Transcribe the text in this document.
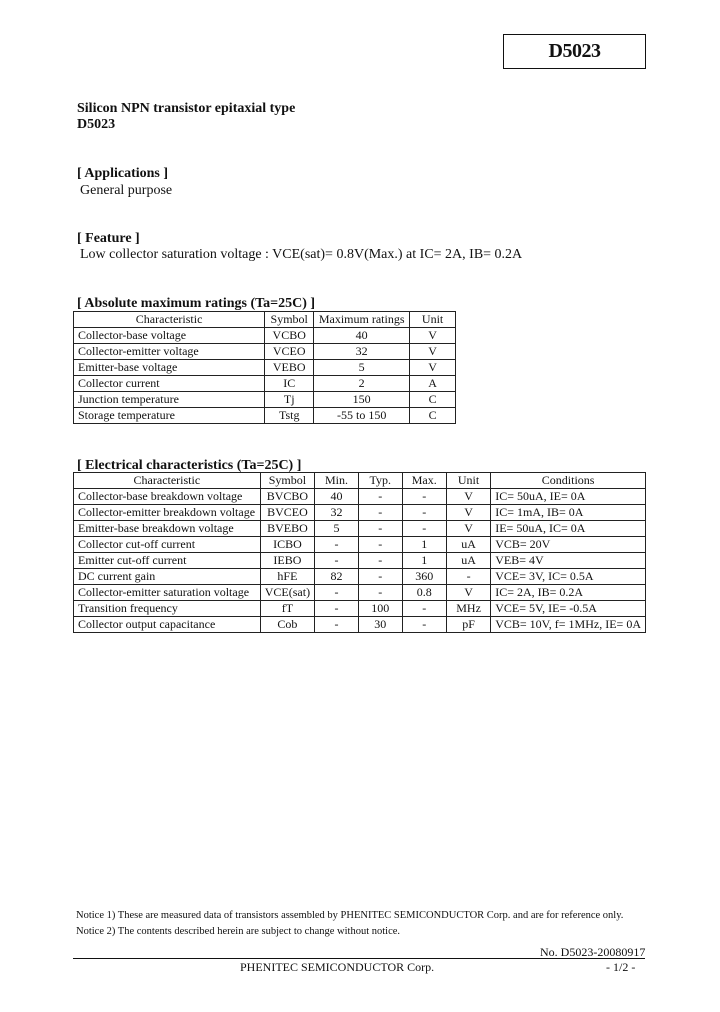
D5023
Silicon NPN transistor epitaxial type
D5023
[ Applications ]
General purpose
[ Feature ]
Low collector saturation voltage : VCE(sat)= 0.8V(Max.) at IC= 2A, IB= 0.2A
[ Absolute maximum ratings (Ta=25C) ]
Characteristic	Symbol	Maximum ratings	Unit
Collector-base voltage	VCBO	40	V
Collector-emitter voltage	VCEO	32	V
Emitter-base voltage	VEBO	5	V
Collector current	IC	2	A
Junction temperature	Tj	150	C
Storage temperature	Tstg	-55 to 150	C
[ Electrical characteristics (Ta=25C) ]
Characteristic	Symbol	Min.	Typ.	Max.	Unit	Conditions
Collector-base breakdown voltage	BVCBO	40	-	-	V	IC= 50uA, IE= 0A
Collector-emitter breakdown voltage	BVCEO	32	-	-	V	IC= 1mA, IB= 0A
Emitter-base breakdown voltage	BVEBO	5	-	-	V	IE= 50uA, IC= 0A
Collector cut-off current	ICBO	-	-	1	uA	VCB= 20V
Emitter cut-off current	IEBO	-	-	1	uA	VEB= 4V
DC current gain	hFE	82	-	360	-	VCE= 3V, IC= 0.5A
Collector-emitter saturation voltage	VCE(sat)	-	-	0.8	V	IC= 2A, IB= 0.2A
Transition frequency	fT	-	100	-	MHz	VCE= 5V, IE= -0.5A
Collector output capacitance	Cob	-	30	-	pF	VCB= 10V, f= 1MHz, IE= 0A
Notice 1) These are measured data of transistors assembled by PHENITEC SEMICONDUCTOR Corp. and are for reference only.
Notice 2) The contents described herein are subject to change without notice.
No. D5023-20080917
PHENITEC SEMICONDUCTOR Corp.	- 1/2 -
